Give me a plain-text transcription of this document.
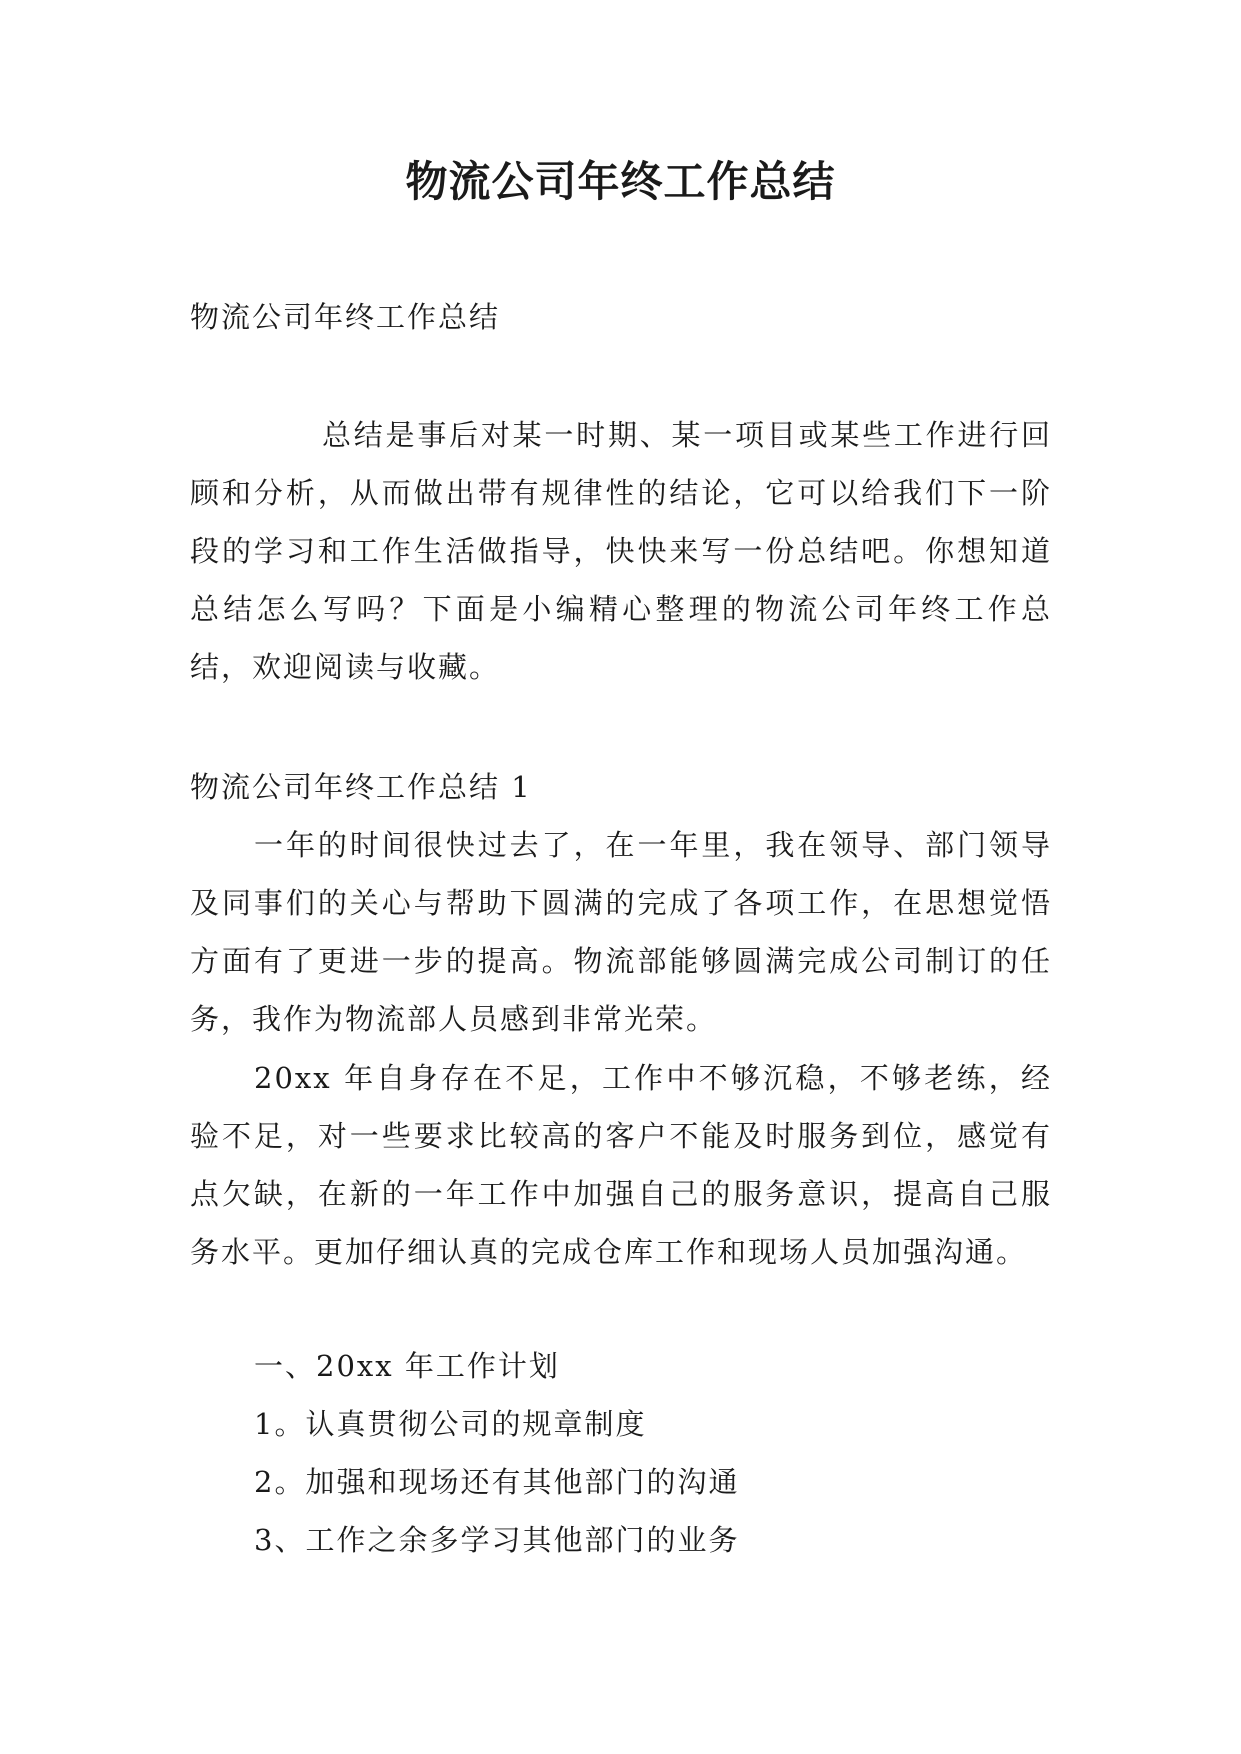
物流公司年终工作总结

物流公司年终工作总结

总结是事后对某一时期、某一项目或某些工作进行回顾和分析，从而做出带有规律性的结论，它可以给我们下一阶段的学习和工作生活做指导，快快来写一份总结吧。你想知道总结怎么写吗？下面是小编精心整理的物流公司年终工作总结，欢迎阅读与收藏。

物流公司年终工作总结 1

一年的时间很快过去了，在一年里，我在领导、部门领导及同事们的关心与帮助下圆满的完成了各项工作，在思想觉悟方面有了更进一步的提高。物流部能够圆满完成公司制订的任务，我作为物流部人员感到非常光荣。

20xx 年自身存在不足，工作中不够沉稳，不够老练，经验不足，对一些要求比较高的客户不能及时服务到位，感觉有点欠缺，在新的一年工作中加强自己的服务意识，提高自己服务水平。更加仔细认真的完成仓库工作和现场人员加强沟通。

一、20xx 年工作计划
1。认真贯彻公司的规章制度
2。加强和现场还有其他部门的沟通
3、工作之余多学习其他部门的业务
